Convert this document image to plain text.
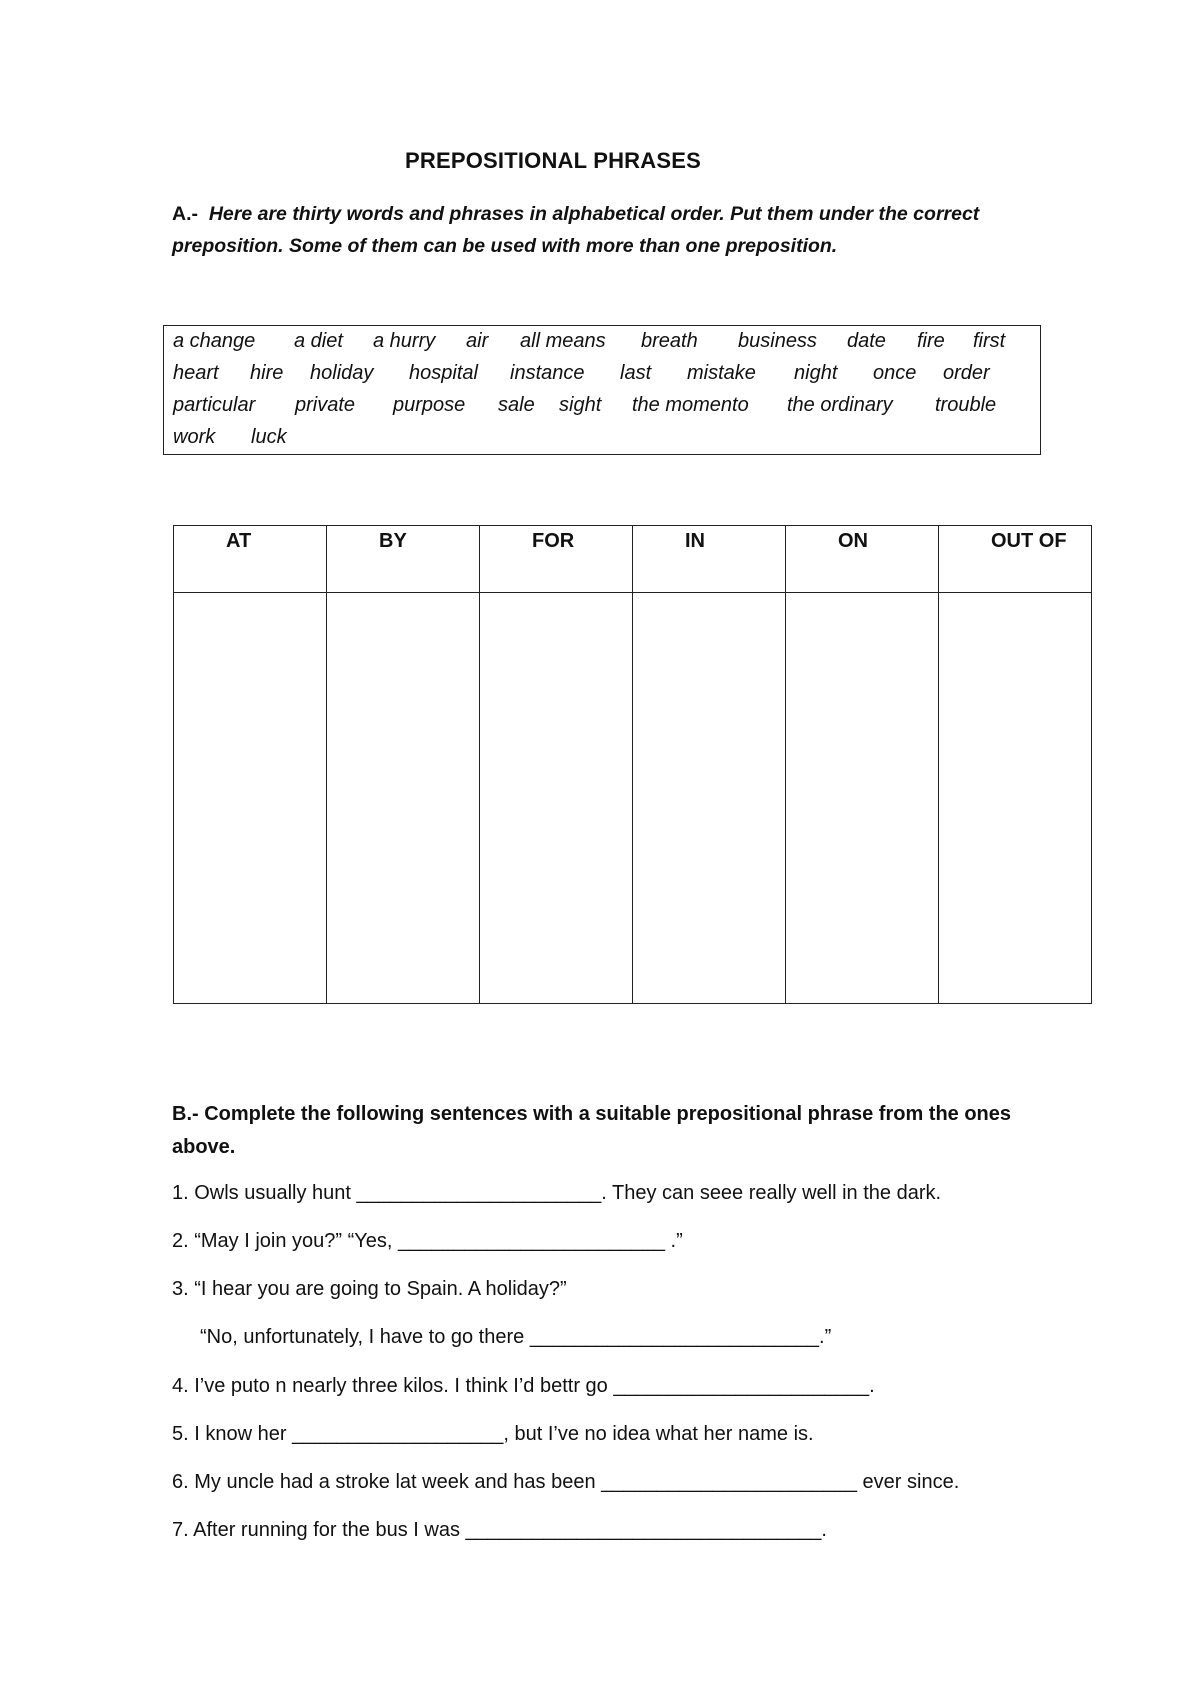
PREPOSITIONAL PHRASES
A.- Here are thirty words and phrases in alphabetical order. Put them under the correct preposition. Some of them can be used with more than one preposition.
a change a diet a hurry air all means breath business date fire first
heart hire holiday hospital instance last mistake night once order
particular private purpose sale sight the momento the ordinary trouble
work luck
AT	BY	FOR	IN	ON	OUT OF

B.- Complete the following sentences with a suitable prepositional phrase from the ones above.
1. Owls usually hunt ______________________. They can seee really well in the dark.
2. “May I join you?” “Yes, ________________________ .”
3. “I hear you are going to Spain. A holiday?”
“No, unfortunately, I have to go there __________________________.”
4. I’ve puto n nearly three kilos. I think I’d bettr go _______________________.
5. I know her ___________________, but I’ve no idea what her name is.
6. My uncle had a stroke lat week and has been _______________________ ever since.
7. After running for the bus I was ________________________________.
